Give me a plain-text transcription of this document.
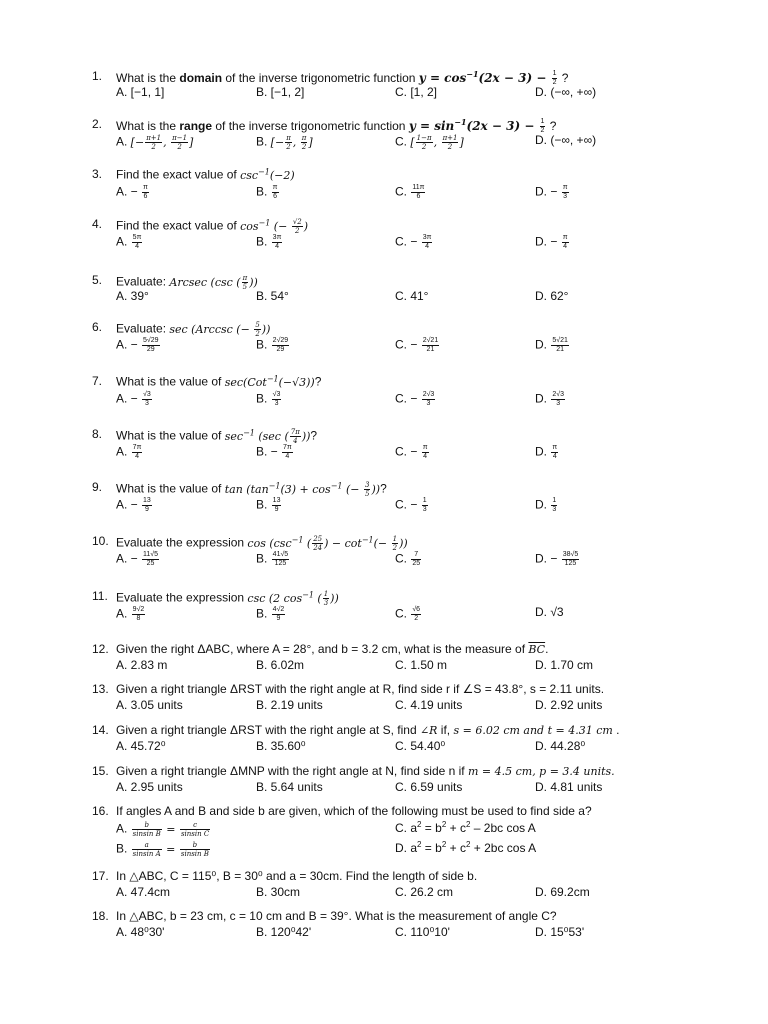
1. What is the domain of the inverse trigonometric function $y = \cos^{-1}(2x - 3) - \frac{1}{2}$ ?
A. [−1, 1]	B. [−1, 2]	C. [1, 2]	D. (−∞, +∞)
2. What is the range of the inverse trigonometric function $y = \sin^{-1}(2x - 3) - \frac{1}{2}$ ?
A. [− $\frac{\pi+1}{2}$ , $\frac{\pi-1}{2}$ ]	B. [− $\frac{\pi}{2}$ , $\frac{\pi}{2}$ ]	C. [ $\frac{1-\pi}{2}$ , $\frac{\pi+1}{2}$ ]	D. (−∞, +∞)
3. Find the exact value of $\csc^{-1}(-2)$
A. − $\frac{\pi}{6}$	B. $\frac{\pi}{6}$	C. $\frac{11\pi}{6}$	D. − $\frac{\pi}{3}$
4. Find the exact value of $\cos^{-1}$ (− $\frac{√2}{2}$ )
A. $\frac{5\pi}{4}$	B. $\frac{3\pi}{4}$	C. − $\frac{3\pi}{4}$	D. − $\frac{\pi}{4}$
5. Evaluate: Arcsec (csc ( $\frac{\pi}{5}$ ))
A. 39°	B. 54°	C. 41°	D. 62°
6. Evaluate: sec (Arccsc (− $\frac{5}{2}$ ))
A. − $\frac{5√29}{29}$	B. $\frac{2√29}{29}$	C. − $\frac{2√21}{21}$	D. $\frac{5√21}{21}$
7. What is the value of sec(Cot$^{-1}$(−√3))?
A. − $\frac{√3}{3}$	B. $\frac{√3}{3}$	C. − $\frac{2√3}{3}$	D. $\frac{2√3}{3}$
8. What is the value of $\sec^{-1} (\sec$ ( $\frac{7\pi}{4}$ ))?
A. $\frac{7\pi}{4}$	B. − $\frac{7\pi}{4}$	C. − $\frac{\pi}{4}$	D. $\frac{\pi}{4}$
9. What is the value of $\tan (\tan^{-1}(3) + \cos^{-1}$ (− $\frac{3}{5}$ ))?
A. − $\frac{13}{9}$	B. $\frac{13}{9}$	C. − $\frac{1}{3}$	D. $\frac{1}{3}$
10. Evaluate the expression $\cos (\csc^{-1}$ ( $\frac{25}{24}$ ) − $\cot^{-1}(- \frac{1}{2}$ ))
A. − $\frac{11√5}{25}$	B. $\frac{41√5}{125}$	C. $\frac{7}{25}$	D. − $\frac{38√5}{125}$
11. Evaluate the expression csc (2 $\cos^{-1}$ ( $\frac{1}{3}$ ))
A. $\frac{9√2}{8}$	B. $\frac{4√2}{9}$	C. $\frac{√6}{2}$	D. √3
12. Given the right ΔABC, where A = 28°, and b = 3.2 cm, what is the measure of $\overline{BC}$.
A. 2.83 m	B. 6.02m	C. 1.50 m	D. 1.70 cm
13. Given a right triangle ΔRST with the right angle at R, find side r if ∠S = 43.8°, s = 2.11 units.
A. 3.05 units	B. 2.19 units	C. 4.19 units	D. 2.92 units
14. Given a right triangle ΔRST with the right angle at S, find ∠R if, s = 6.02 cm and t = 4.31 cm .
A. 45.72⁰	B. 35.60⁰	C. 54.40⁰	D. 44.28⁰
15. Given a right triangle ΔMNP with the right angle at N, find side n if m = 4.5 cm, p = 3.4 units.
A. 2.95 units	B. 5.64 units	C. 6.59 units	D. 4.81 units
16. If angles A and B and side b are given, which of the following must be used to find side a?
A. $\frac{b}{\text{sinsin B}} = \frac{c}{\text{sinsin C}}$	C. $a^2 = b^2 + c^2 - 2bc$ cos A
B. $\frac{a}{\text{sinsin A}} = \frac{b}{\text{sinsin B}}$	D. $a^2 = b^2 + c^2 + 2bc$ cos A
17. In △ABC, C = 115⁰, B = 30⁰ and a = 30cm. Find the length of side b.
A. 47.4cm	B. 30cm	C. 26.2 cm	D. 69.2cm
18. In △ABC, b = 23 cm, c = 10 cm and B = 39°. What is the measurement of angle C?
A. 48⁰30'	B. 120⁰42'	C. 110⁰10'	D. 15⁰53'
